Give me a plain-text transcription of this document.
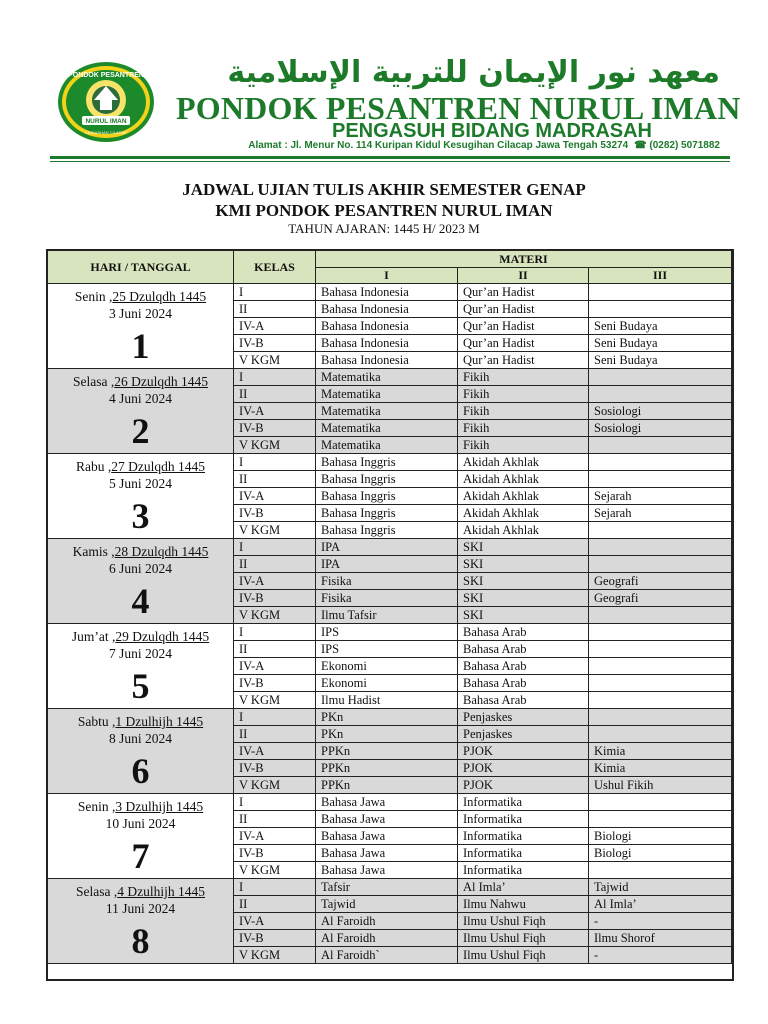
PONDOK PESANTREN
NURUL IMAN
KESUGIHAN CILACAP
معهد نور الإيمان للتربية الإسلامية
PONDOK PESANTREN NURUL IMAN
PENGASUH BIDANG MADRASAH
Alamat : Jl. Menur No. 114 Kuripan Kidul Kesugihan Cilacap Jawa Tengah 53274 ☎ (0282) 5071882
JADWAL UJIAN TULIS AKHIR SEMESTER GENAP
KMI PONDOK PESANTREN NURUL IMAN
TAHUN AJARAN: 1445 H/ 2023 M
HARI / TANGGAL	KELAS	MATERI		
		I	II	III

Senin ,25 Dzulqdh 1445
3 Juni 2024
1	I	Bahasa Indonesia	Qur’an Hadist	
	II	Bahasa Indonesia	Qur’an Hadist	
	IV-A	Bahasa Indonesia	Qur’an Hadist	Seni Budaya
	IV-B	Bahasa Indonesia	Qur’an Hadist	Seni Budaya
	V KGM	Bahasa Indonesia	Qur’an Hadist	Seni Budaya

Selasa ,26 Dzulqdh 1445
4 Juni 2024
2	I	Matematika	Fikih	
	II	Matematika	Fikih	
	IV-A	Matematika	Fikih	Sosiologi
	IV-B	Matematika	Fikih	Sosiologi
	V KGM	Matematika	Fikih	

Rabu ,27 Dzulqdh 1445
5 Juni 2024
3	I	Bahasa Inggris	Akidah Akhlak	
	II	Bahasa Inggris	Akidah Akhlak	
	IV-A	Bahasa Inggris	Akidah Akhlak	Sejarah
	IV-B	Bahasa Inggris	Akidah Akhlak	Sejarah
	V KGM	Bahasa Inggris	Akidah Akhlak	

Kamis ,28 Dzulqdh 1445
6 Juni 2024
4	I	IPA	SKI	
	II	IPA	SKI	
	IV-A	Fisika	SKI	Geografi
	IV-B	Fisika	SKI	Geografi
	V KGM	Ilmu Tafsir	SKI	

Jum’at ,29 Dzulqdh 1445
7 Juni 2024
5	I	IPS	Bahasa Arab	
	II	IPS	Bahasa Arab	
	IV-A	Ekonomi	Bahasa Arab	
	IV-B	Ekonomi	Bahasa Arab	
	V KGM	Ilmu Hadist	Bahasa Arab	

Sabtu ,1 Dzulhijh 1445
8 Juni 2024
6	I	PKn	Penjaskes	
	II	PKn	Penjaskes	
	IV-A	PPKn	PJOK	Kimia
	IV-B	PPKn	PJOK	Kimia
	V KGM	PPKn	PJOK	Ushul Fikih

Senin ,3 Dzulhijh 1445
10 Juni 2024
7	I	Bahasa Jawa	Informatika	
	II	Bahasa Jawa	Informatika	
	IV-A	Bahasa Jawa	Informatika	Biologi
	IV-B	Bahasa Jawa	Informatika	Biologi
	V KGM	Bahasa Jawa	Informatika	

Selasa ,4 Dzulhijh 1445
11 Juni 2024
8	I	Tafsir	Al Imla’	Tajwid
	II	Tajwid	Ilmu Nahwu	Al Imla’
	IV-A	Al Faroidh	Ilmu Ushul Fiqh	-
	IV-B	Al Faroidh	Ilmu Ushul Fiqh	Ilmu Shorof
	V KGM	Al Faroidh`	Ilmu Ushul Fiqh	-
